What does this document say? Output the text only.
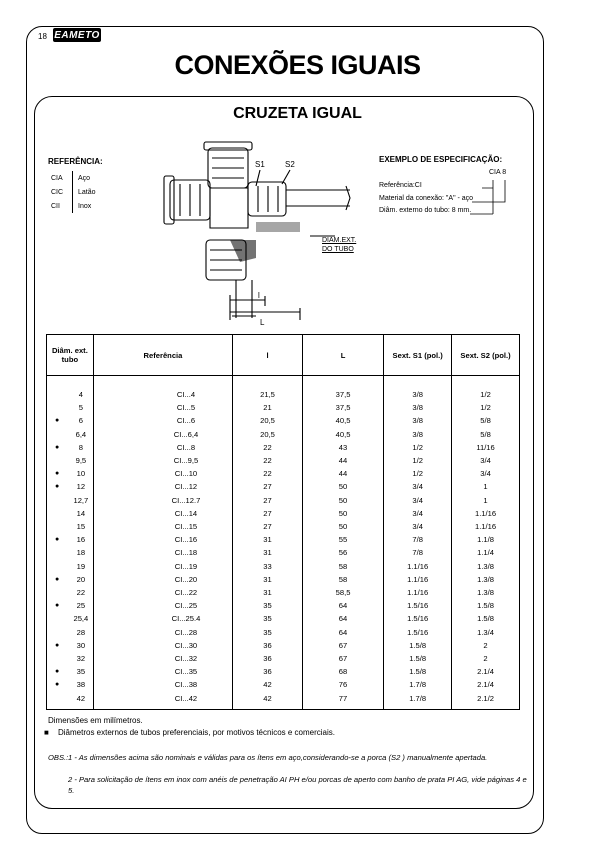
18 EAMETO
CONEXÕES IGUAIS
CRUZETA IGUAL
REFERÊNCIA:
CIA	Aço
CIC	Latão
CII	Inox
EXEMPLO DE ESPECIFICAÇÃO:
CIA 8
Referência:CI
Material da conexão: "A" - aço
Diâm. externo do tubo: 8 mm.
S1	S2
l
L
DIAM.EXT.
DO TUBO
Diâm. ext. tubo	Referência	l	L	Sext. S1 (pol.)	Sext. S2 (pol.)
4	CI...4	21,5	37,5	3/8	1/2
5	CI...5	21	37,5	3/8	1/2

● 6	CI...6	20,5	40,5	3/8	5/8
6,4	CI...6,4	20,5	40,5	3/8	5/8

● 8	CI...8	22	43	1/2	11/16
9,5	CI...9,5	22	44	1/2	3/4

● 10	CI...10	22	44	1/2	3/4

● 12	CI...12	27	50	3/4	1
12,7	CI...12.7	27	50	3/4	1
14	CI...14	27	50	3/4	1.1/16
15	CI...15	27	50	3/4	1.1/16

● 16	CI...16	31	55	7/8	1.1/8
18	CI...18	31	56	7/8	1.1/4
19	CI...19	33	58	1.1/16	1.3/8

● 20	CI...20	31	58	1.1/16	1.3/8
22	CI...22	31	58,5	1.1/16	1.3/8

● 25	CI...25	35	64	1.5/16	1.5/8
25,4	CI...25.4	35	64	1.5/16	1.5/8
28	CI...28	35	64	1.5/16	1.3/4

● 30	CI...30	36	67	1.5/8	2
32	CI...32	36	67	1.5/8	2

● 35	CI...35	36	68	1.5/8	2.1/4

● 38	CI...38	42	76	1.7/8	2.1/4
42	CI...42	42	77	1.7/8	2.1/2
Dimensões em milímetros.
■ Diâmetros externos de tubos preferenciais, por motivos técnicos e comerciais.
OBS.: 1 - As dimensões acima são nominais e válidas para os ítens em aço,considerando-se a porca (S2 ) manualmente apertada.
2 - Para solicitação de ítens em inox com anéis de penetração AI PH e/ou porcas de aperto com banho de prata PI AG, vide páginas 4 e 5.
